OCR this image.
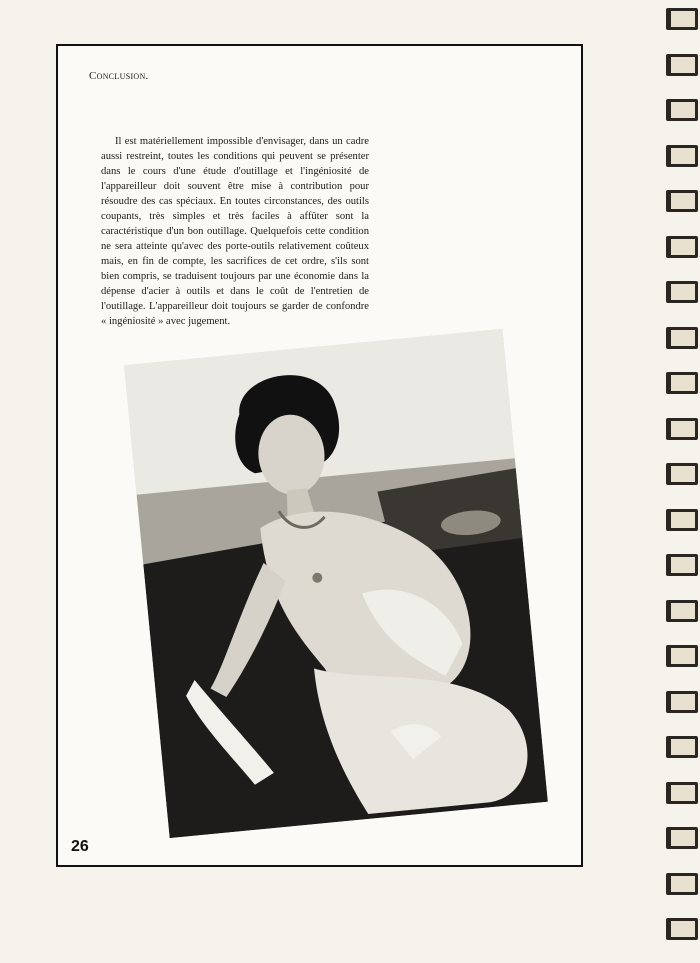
Conclusion.

Il est matériellement impossible d'envisager, dans un cadre aussi restreint, toutes les conditions qui peuvent se présenter dans le cours d'une étude d'outillage et l'ingéniosité de l'appareilleur doit souvent être mise à contribution pour résoudre des cas spéciaux. En toutes circonstances, des outils coupants, très simples et très faciles à affûter sont la caractéristique d'un bon outillage. Quelquefois cette condition ne sera atteinte qu'avec des porte-outils relativement coûteux mais, en fin de compte, les sacrifices de cet ordre, s'ils sont bien compris, se traduisent toujours par une économie dans la dépense d'acier à outils et dans le coût de l'entretien de l'outillage. L'appareilleur doit toujours se garder de confondre « ingéniosité » avec jugement.

26
